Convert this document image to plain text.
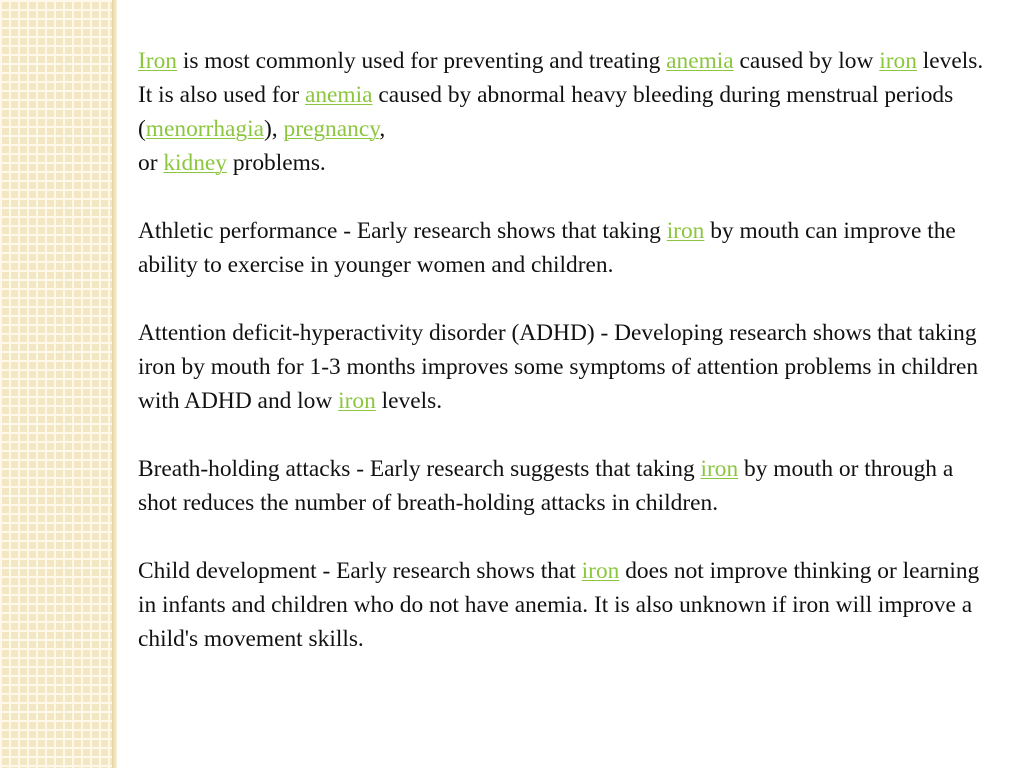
Iron is most commonly used for preventing and treating anemia caused by low iron levels. It is also used for anemia caused by abnormal heavy bleeding during menstrual periods (menorrhagia), pregnancy,
or kidney problems.

Athletic performance - Early research shows that taking iron by mouth can improve the ability to exercise in younger women and children.

Attention deficit-hyperactivity disorder (ADHD) - Developing research shows that taking iron by mouth for 1-3 months improves some symptoms of attention problems in children with ADHD and low iron levels.

Breath-holding attacks - Early research suggests that taking iron by mouth or through a shot reduces the number of breath-holding attacks in children.

Child development - Early research shows that iron does not improve thinking or learning in infants and children who do not have anemia. It is also unknown if iron will improve a child's movement skills.
